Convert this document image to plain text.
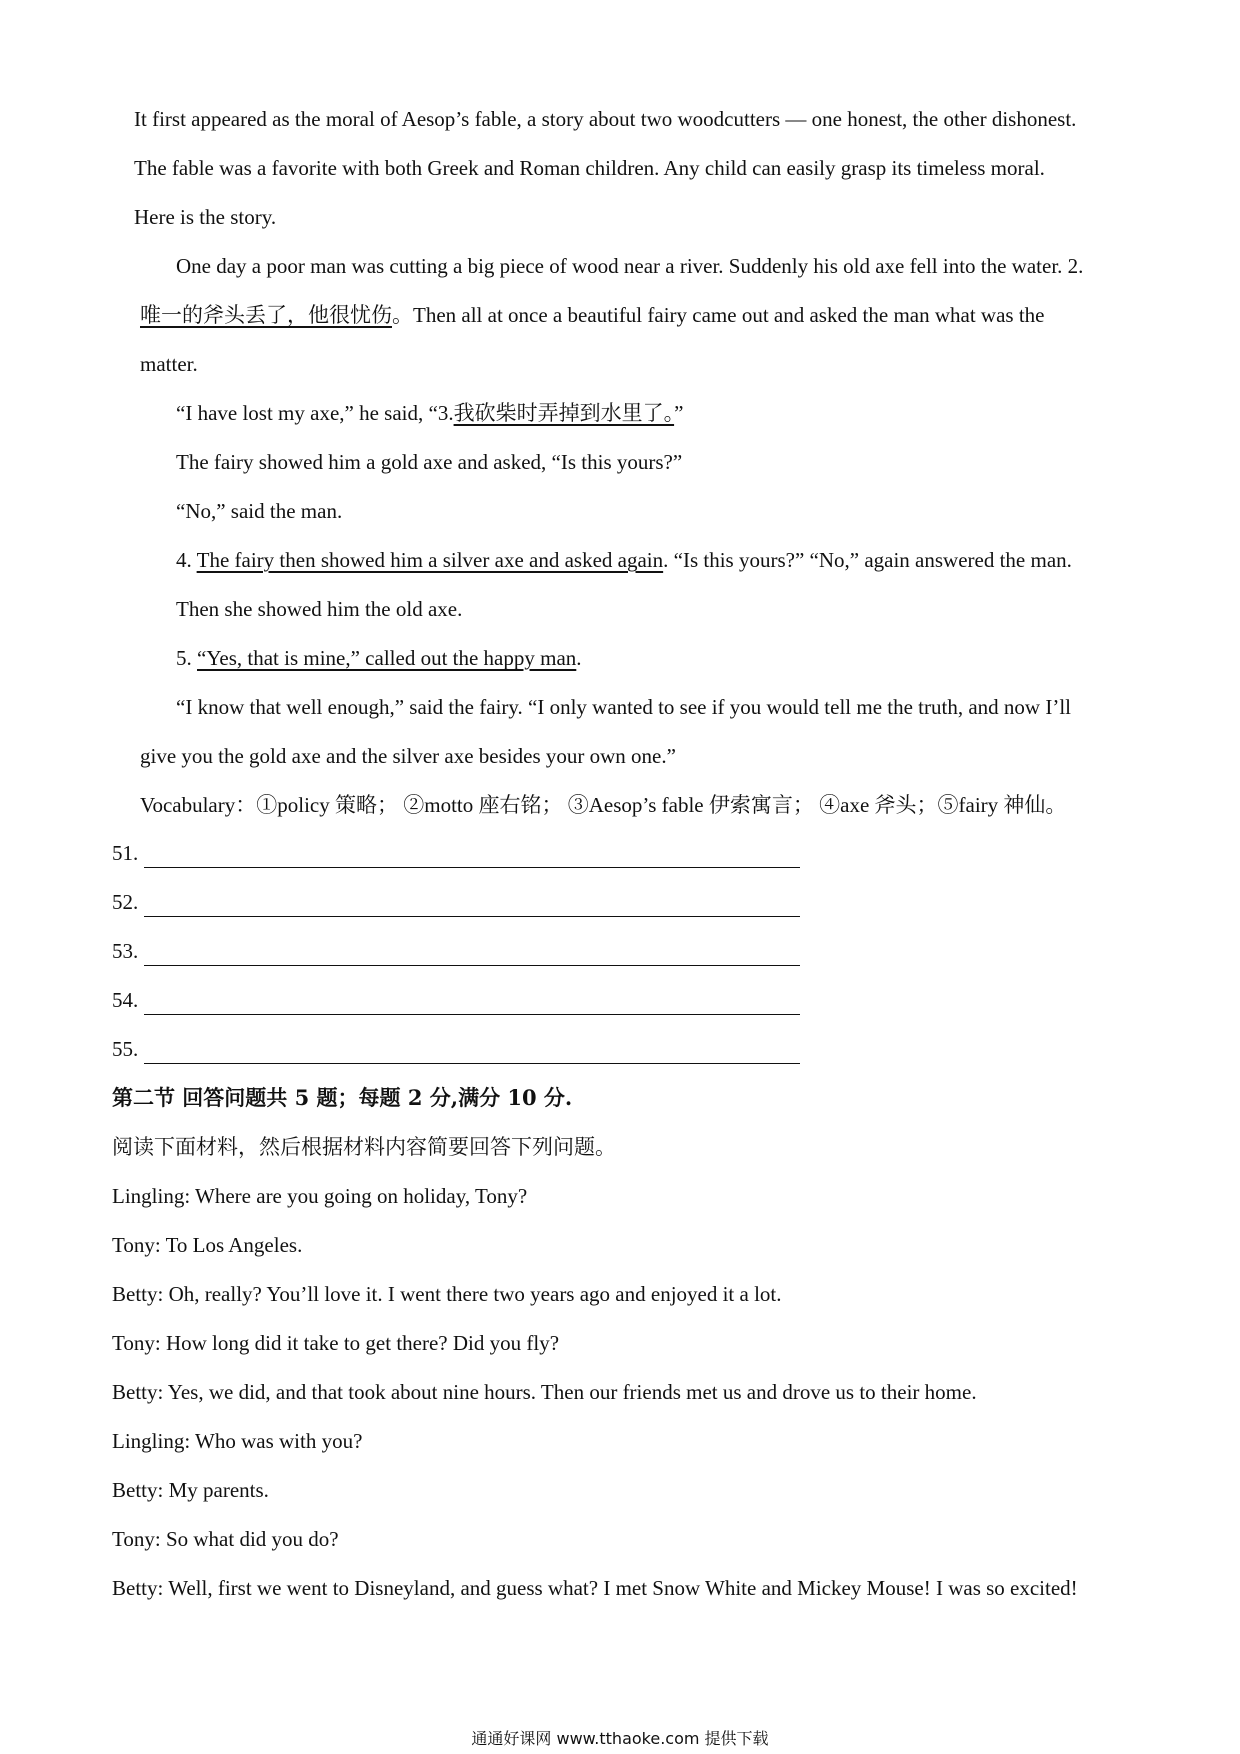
It first appeared as the moral of Aesop’s fable, a story about two woodcutters — one honest, the other dishonest.
The fable was a favorite with both Greek and Roman children. Any child can easily grasp its timeless moral.
Here is the story.
One day a poor man was cutting a big piece of wood near a river. Suddenly his old axe fell into the water. 2.
唯一的斧头丢了，他很忧伤。Then all at once a beautiful fairy came out and asked the man what was the
matter.
“I have lost my axe,” he said, “3.我砍柴时弄掉到水里了。”
The fairy showed him a gold axe and asked, “Is this yours?”
“No,” said the man.
4. The fairy then showed him a silver axe and asked again. “Is this yours?” “No,” again answered the man.
Then she showed him the old axe.
5. “Yes, that is mine,” called out the happy man.
“I know that well enough,” said the fairy. “I only wanted to see if you would tell me the truth, and now I’ll
give you the gold axe and the silver axe besides your own one.”
Vocabulary：①policy 策略； ②motto 座右铭； ③Aesop’s fable 伊索寓言； ④axe 斧头；⑤fairy 神仙。
51.
52.
53.
54.
55.
第二节 回答问题共 5 题；每题 2 分,满分 10 分.
阅读下面材料，然后根据材料内容简要回答下列问题。
Lingling: Where are you going on holiday, Tony?
Tony: To Los Angeles.
Betty: Oh, really? You’ll love it. I went there two years ago and enjoyed it a lot.
Tony: How long did it take to get there? Did you fly?
Betty: Yes, we did, and that took about nine hours. Then our friends met us and drove us to their home.
Lingling: Who was with you?
Betty: My parents.
Tony: So what did you do?
Betty: Well, first we went to Disneyland, and guess what? I met Snow White and Mickey Mouse! I was so excited!
通通好课网 www.tthaoke.com 提供下载
